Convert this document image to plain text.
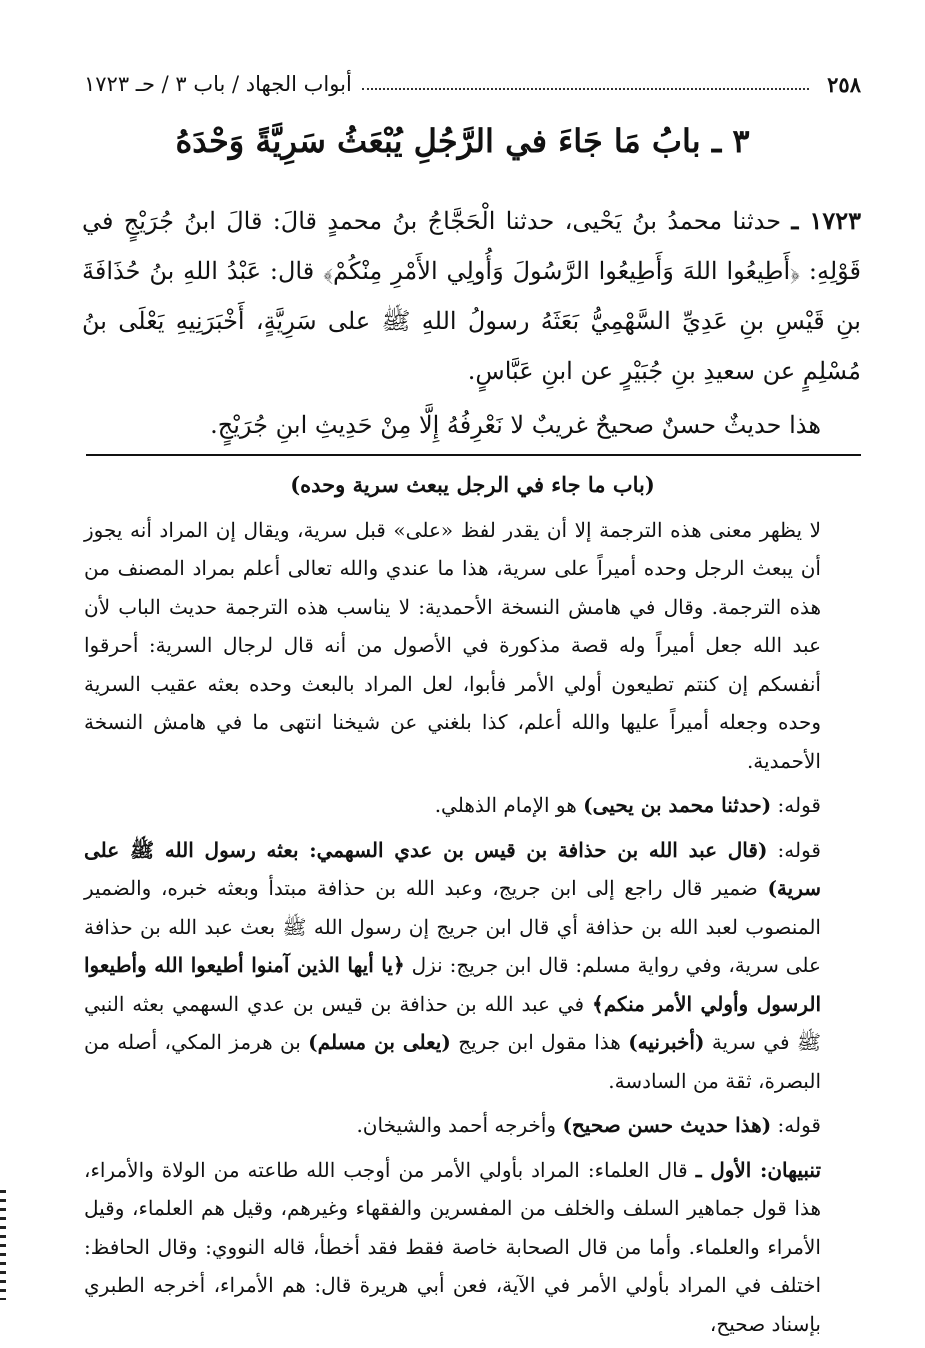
٢٥٨
أبواب الجهاد / باب ٣ / حـ ١٧٢٣
٣ ـ بابُ مَا جَاءَ في الرَّجُلِ يُبْعَثُ سَرِيَّةً وَحْدَهُ

١٧٢٣ ـ حدثنا محمدُ بنُ يَحْيى، حدثنا الْحَجَّاجُ بنُ محمدٍ قالَ: قالَ ابنُ جُرَيْجٍ في قَوْلِهِ: ﴿أَطِيعُوا اللهَ وَأَطِيعُوا الرَّسُولَ وَأُولِي الأَمْرِ مِنْكُمْ﴾ قال: عَبْدُ اللهِ بنُ حُذَافَةَ بنِ قَيْسِ بنِ عَدِيِّ السَّهْمِيُّ بَعَثَهُ رسولُ اللهِ ﷺ على سَرِيَّةٍ، أَخْبَرَنِيهِ يَعْلَى بنُ مُسْلِمٍ عن سعيدِ بنِ جُبَيْرٍ عن ابنِ عَبَّاسٍ.

هذا حديثٌ حسنٌ صحيحٌ غريبٌ لا نَعْرِفُهُ إِلَّا مِنْ حَدِيثِ ابنِ جُرَيْجٍ.

(باب ما جاء في الرجل يبعث سرية وحده)

لا يظهر معنى هذه الترجمة إلا أن يقدر لفظ «على» قبل سرية، ويقال إن المراد أنه يجوز أن يبعث الرجل وحده أميراً على سرية، هذا ما عندي والله تعالى أعلم بمراد المصنف من هذه الترجمة. وقال في هامش النسخة الأحمدية: لا يناسب هذه الترجمة حديث الباب لأن عبد الله جعل أميراً وله قصة مذكورة في الأصول من أنه قال لرجال السرية: أحرقوا أنفسكم إن كنتم تطيعون أولي الأمر فأبوا، لعل المراد بالبعث وحده بعثه عقيب السرية وحده وجعله أميراً عليها والله أعلم، كذا بلغني عن شيخنا انتهى ما في هامش النسخة الأحمدية.

قوله: (حدثنا محمد بن يحيى) هو الإمام الذهلي.

قوله: (قال عبد الله بن حذافة بن قيس بن عدي السهمي: بعثه رسول الله ﷺ على سرية) ضمير قال راجع إلى ابن جريج، وعبد الله بن حذافة مبتدأ وبعثه خبره، والضمير المنصوب لعبد الله بن حذافة أي قال ابن جريج إن رسول الله ﷺ بعث عبد الله بن حذافة على سرية، وفي رواية مسلم: قال ابن جريج: نزل ﴿يا أيها الذين آمنوا أطيعوا الله وأطيعوا الرسول وأولي الأمر منكم﴾ في عبد الله بن حذافة بن قيس بن عدي السهمي بعثه النبي ﷺ في سرية (أخبرنيه) هذا مقول ابن جريج (يعلى بن مسلم) بن هرمز المكي، أصله من البصرة، ثقة من السادسة.

قوله: (هذا حديث حسن صحيح) وأخرجه أحمد والشيخان.

تنبيهان: الأول ـ قال العلماء: المراد بأولي الأمر من أوجب الله طاعته من الولاة والأمراء، هذا قول جماهير السلف والخلف من المفسرين والفقهاء وغيرهم، وقيل هم العلماء، وقيل الأمراء والعلماء. وأما من قال الصحابة خاصة فقط فقد أخطأ، قاله النووي: وقال الحافظ: اختلف في المراد بأولي الأمر في الآية، فعن أبي هريرة قال: هم الأمراء، أخرجه الطبري بإسناد صحيح،
